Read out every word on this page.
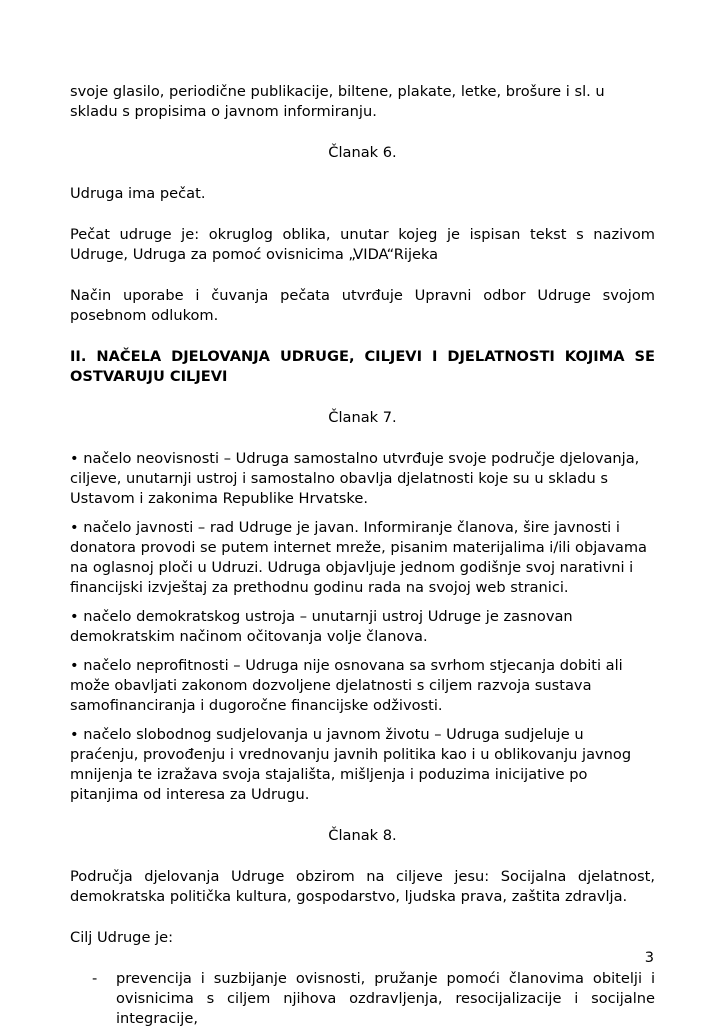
svoje glasilo, periodične publikacije, biltene, plakate, letke, brošure i sl. u skladu s propisima o javnom informiranju.

Članak 6.

Udruga ima pečat.

Pečat udruge je: okruglog oblika, unutar kojeg je ispisan tekst s nazivom Udruge, Udruga za pomoć ovisnicima „VIDA“Rijeka

Način uporabe i čuvanja pečata utvrđuje Upravni odbor Udruge svojom posebnom odlukom.

II. NAČELA DJELOVANJA UDRUGE, CILJEVI I DJELATNOSTI KOJIMA SE OSTVARUJU CILJEVI

Članak 7.

• načelo neovisnosti – Udruga samostalno utvrđuje svoje područje djelovanja, ciljeve, unutarnji ustroj i samostalno obavlja djelatnosti koje su u skladu s Ustavom i zakonima Republike Hrvatske.

• načelo javnosti – rad Udruge je javan. Informiranje članova, šire javnosti i donatora provodi se putem internet mreže, pisanim materijalima i/ili objavama na oglasnoj ploči u Udruzi. Udruga objavljuje jednom godišnje svoj narativni i financijski izvještaj za prethodnu godinu rada na svojoj web stranici.

• načelo demokratskog ustroja – unutarnji ustroj Udruge je zasnovan demokratskim načinom očitovanja volje članova.

• načelo neprofitnosti – Udruga nije osnovana sa svrhom stjecanja dobiti ali može obavljati zakonom dozvoljene djelatnosti s ciljem razvoja sustava samofinanciranja i dugoročne financijske odživosti.

• načelo slobodnog sudjelovanja u javnom životu – Udruga sudjeluje u praćenju, provođenju i vrednovanju javnih politika kao i u oblikovanju javnog mnijenja te izražava svoja stajališta, mišljenja i poduzima inicijative po pitanjima od interesa za Udrugu.

Članak 8.

Područja djelovanja Udruge obzirom na ciljeve jesu: Socijalna djelatnost, demokratska politička kultura, gospodarstvo, ljudska prava, zaštita zdravlja.

Cilj Udruge je:

- prevencija i suzbijanje ovisnosti, pružanje pomoći članovima obitelji i ovisnicima s ciljem njihova ozdravljenja, resocijalizacije i socijalne integracije,
3
